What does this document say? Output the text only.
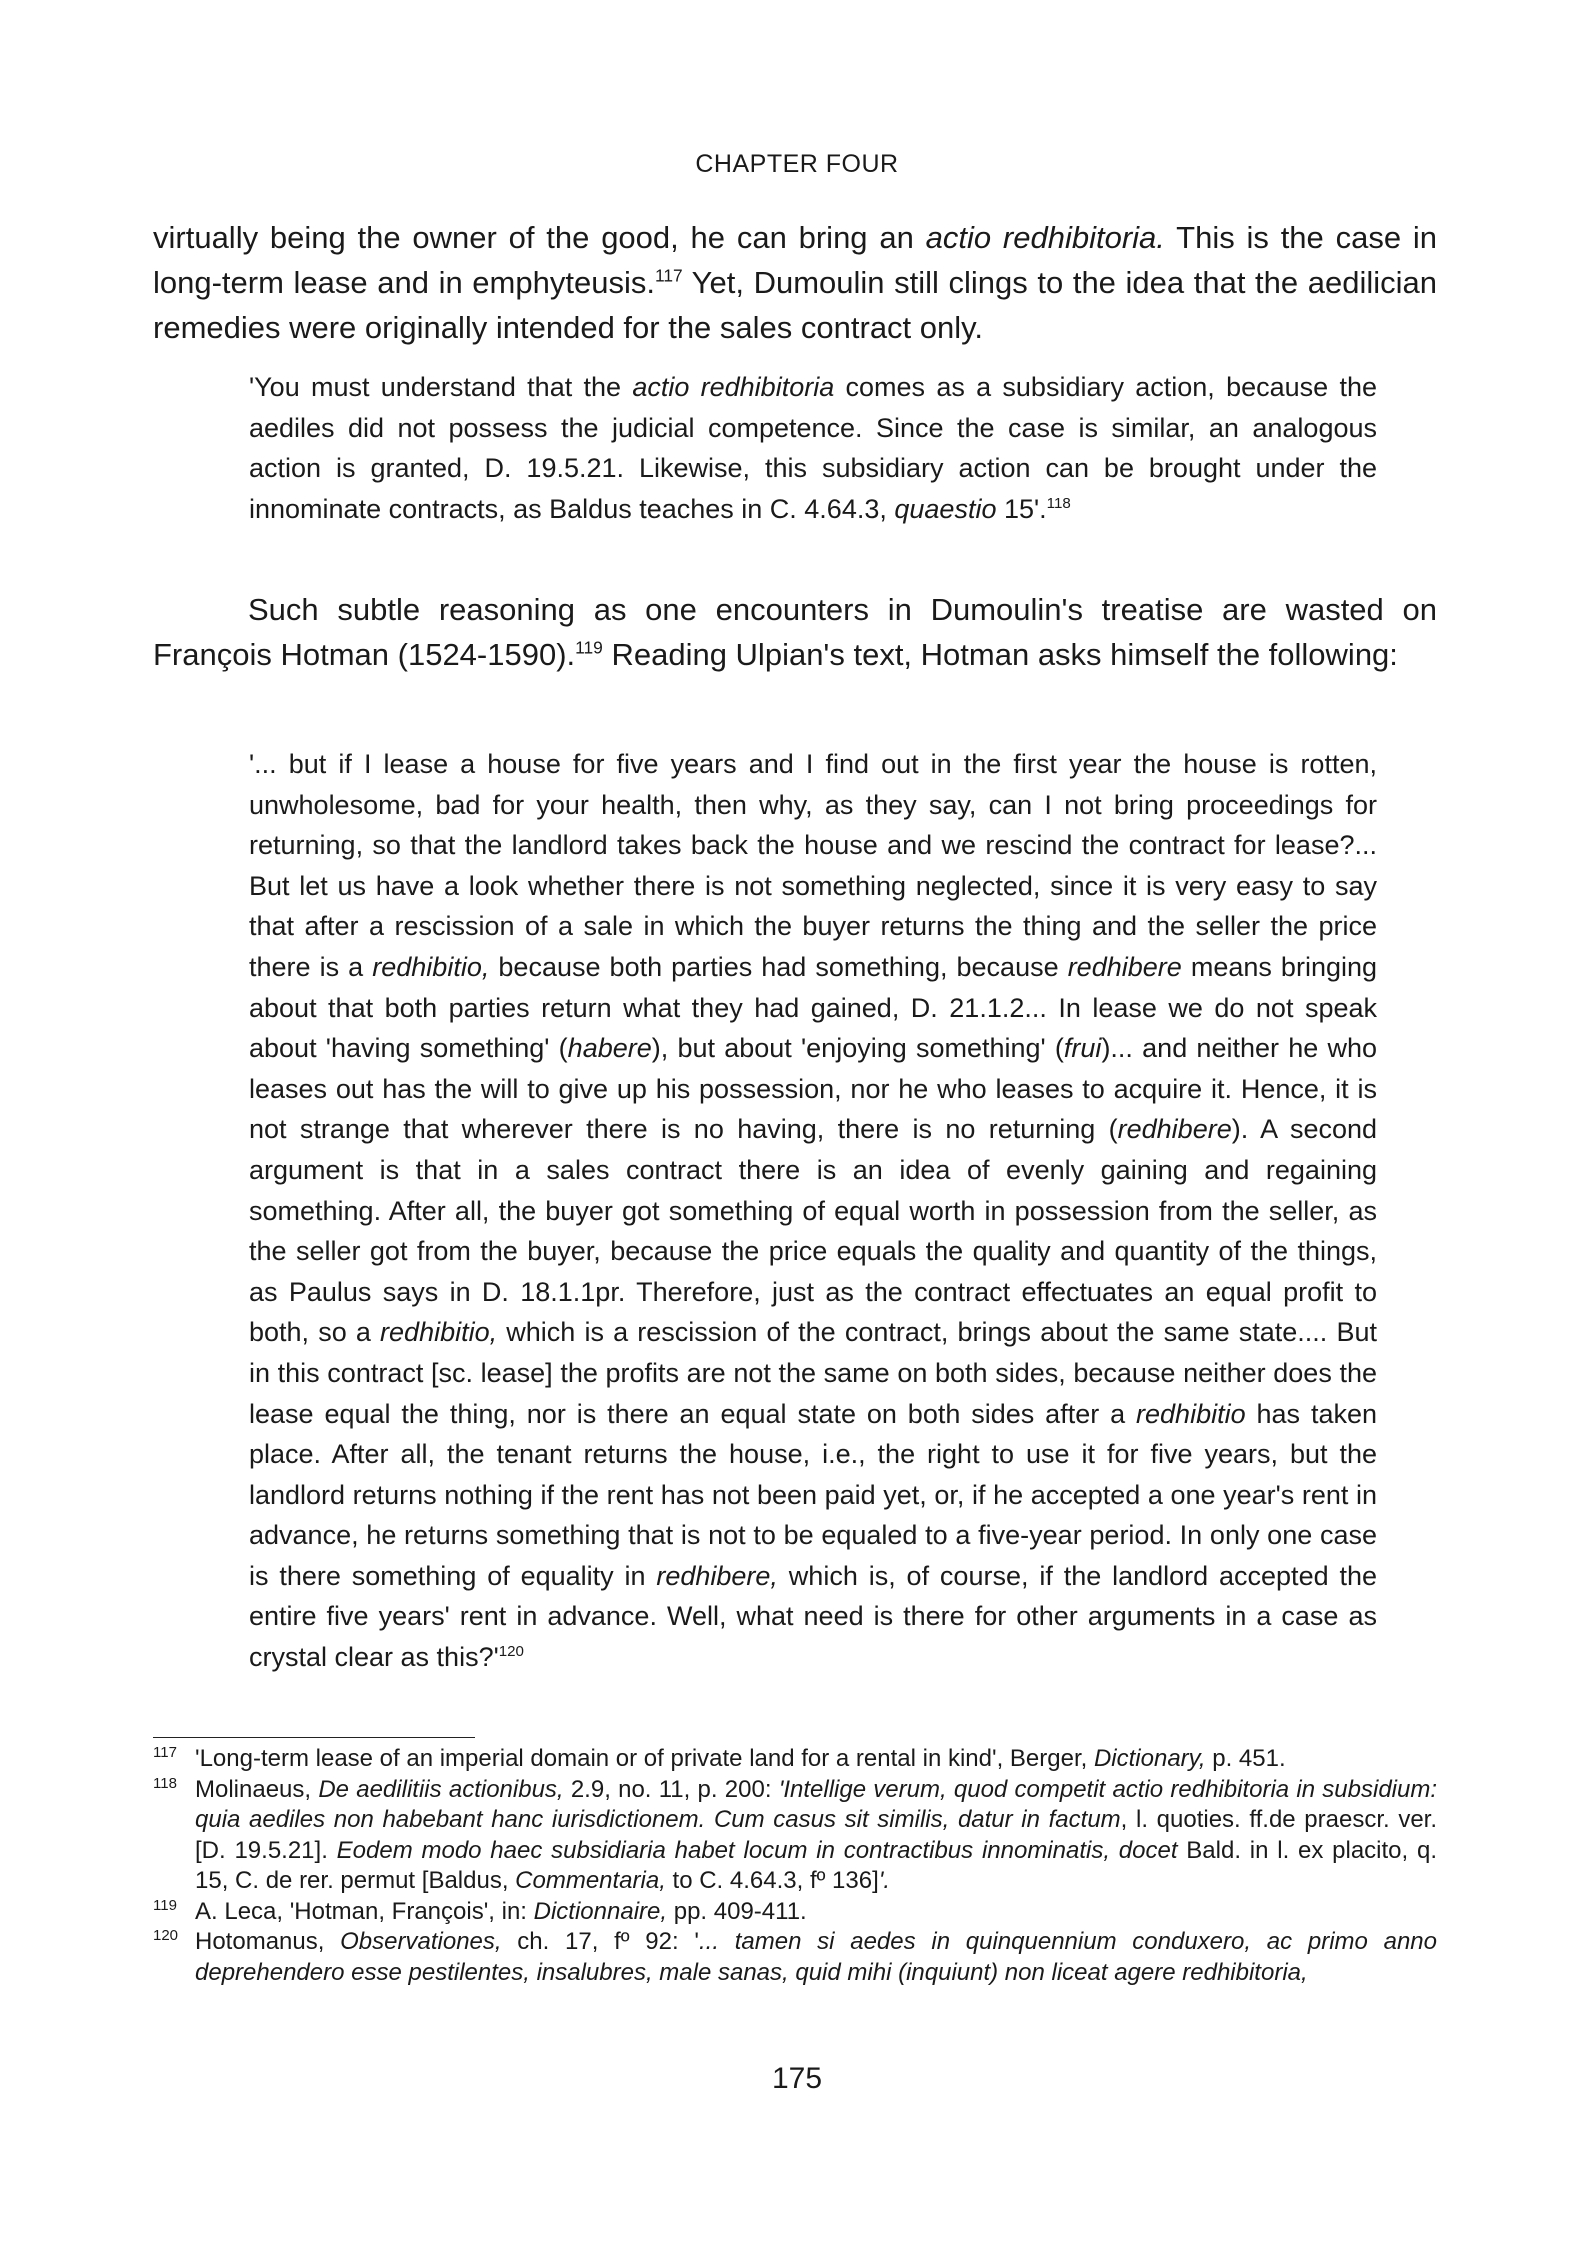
CHAPTER FOUR
virtually being the owner of the good, he can bring an actio redhibitoria. This is the case in long-term lease and in emphyteusis.$^{117}$ Yet, Dumoulin still clings to the idea that the aedilician remedies were originally intended for the sales contract only.
'You must understand that the actio redhibitoria comes as a subsidiary action, because the aediles did not possess the judicial competence. Since the case is similar, an analogous action is granted, D. 19.5.21. Likewise, this subsidiary action can be brought under the innominate contracts, as Baldus teaches in C. 4.64.3, quaestio 15'.$^{118}$
Such subtle reasoning as one encounters in Dumoulin's treatise are wasted on François Hotman (1524-1590).$^{119}$ Reading Ulpian's text, Hotman asks himself the following:
'... but if I lease a house for five years and I find out in the first year the house is rotten, unwholesome, bad for your health, then why, as they say, can I not bring proceedings for returning, so that the landlord takes back the house and we rescind the contract for lease?... But let us have a look whether there is not something neglected, since it is very easy to say that after a rescission of a sale in which the buyer returns the thing and the seller the price there is a redhibitio, because both parties had something, because redhibere means bringing about that both parties return what they had gained, D. 21.1.2... In lease we do not speak about 'having something' (habere), but about 'enjoying something' (frui)... and neither he who leases out has the will to give up his possession, nor he who leases to acquire it. Hence, it is not strange that wherever there is no having, there is no returning (redhibere). A second argument is that in a sales contract there is an idea of evenly gaining and regaining something. After all, the buyer got something of equal worth in possession from the seller, as the seller got from the buyer, because the price equals the quality and quantity of the things, as Paulus says in D. 18.1.1pr. Therefore, just as the contract effectuates an equal profit to both, so a redhibitio, which is a rescission of the contract, brings about the same state.... But in this contract [sc. lease] the profits are not the same on both sides, because neither does the lease equal the thing, nor is there an equal state on both sides after a redhibitio has taken place. After all, the tenant returns the house, i.e., the right to use it for five years, but the landlord returns nothing if the rent has not been paid yet, or, if he accepted a one year's rent in advance, he returns something that is not to be equaled to a five-year period. In only one case is there something of equality in redhibere, which is, of course, if the landlord accepted the entire five years' rent in advance. Well, what need is there for other arguments in a case as crystal clear as $this?'^{120}$
117 'Long-term lease of an imperial domain or of private land for a rental in kind', Berger, Dictionary, p. 451.
118 Molinaeus, De aedilitiis actionibus, 2.9, no. 11, p. 200: 'Intellige verum, quod competit actio redhibitoria in subsidium: quia aediles non habebant hanc iurisdictionem. Cum casus sit similis, datur in factum, l. quoties. ff.de praescr. ver. [D. 19.5.21]. Eodem modo haec subsidiaria habet locum in contractibus innominatis, docet Bald. in l. ex placito, q. 15, C. de rer. permut [Baldus, Commentaria, to C. 4.64.3, fº 136]'.
119 A. Leca, 'Hotman, François', in: Dictionnaire, pp. 409-411.
120 Hotomanus, Observationes, ch. 17, fº 92: '... tamen si aedes in quinquennium conduxero, ac primo anno deprehendero esse pestilentes, insalubres, male sanas, quid mihi (inquiunt) non liceat agere redhibitoria,
175
